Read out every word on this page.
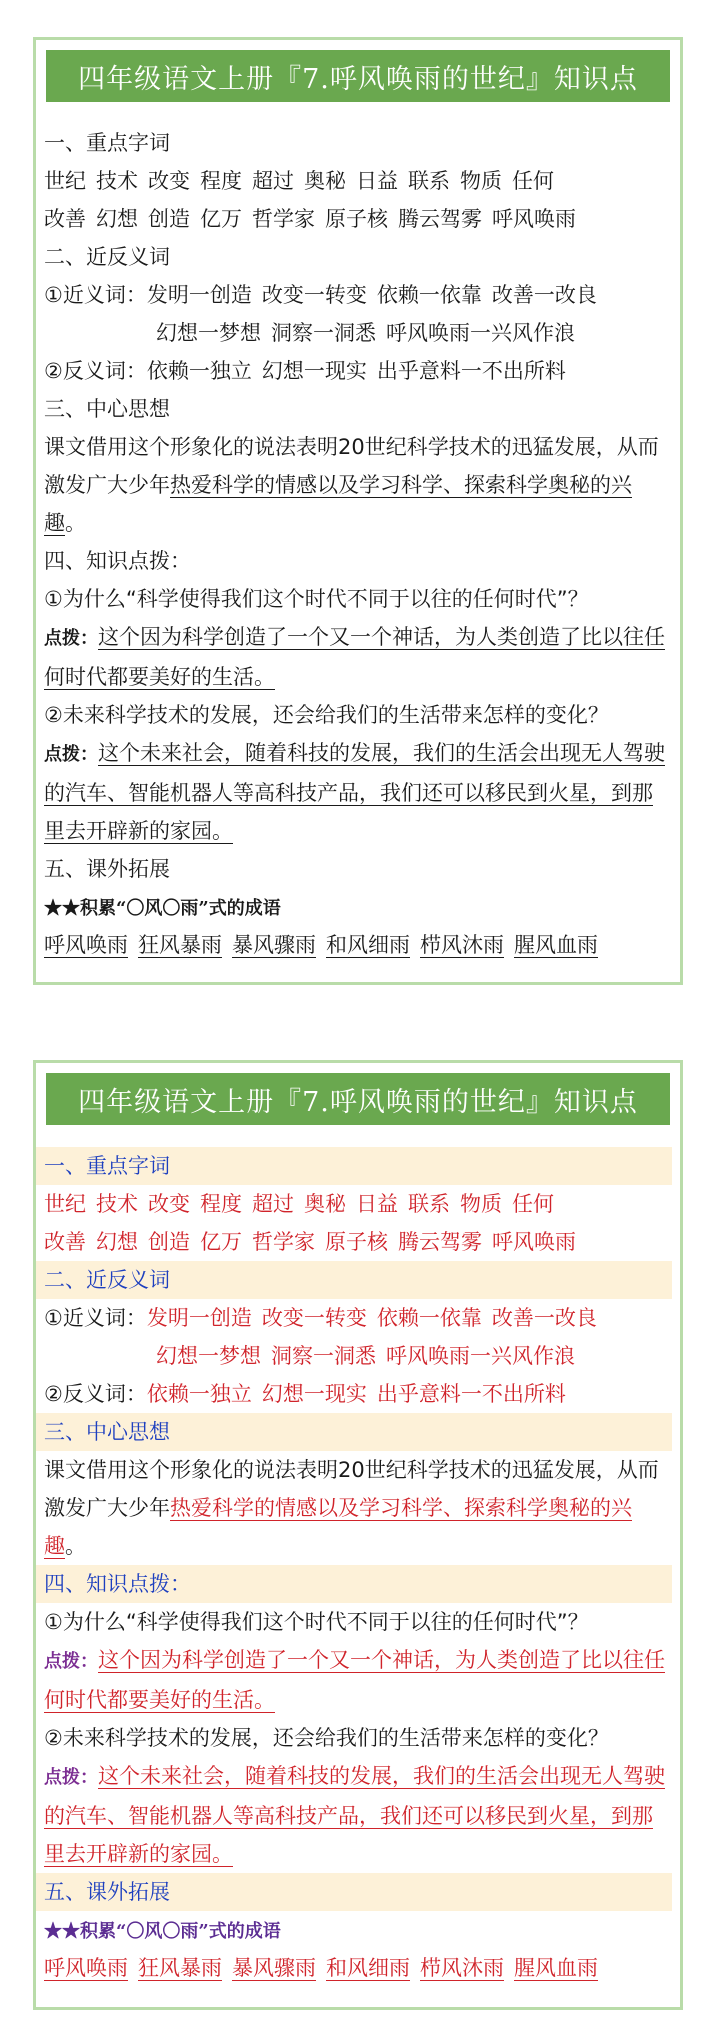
四年级语文上册『7.呼风唤雨的世纪』知识点
一、重点字词
世纪 技术 改变 程度 超过 奥秘 日益 联系 物质 任何
改善 幻想 创造 亿万 哲学家 原子核 腾云驾雾 呼风唤雨
二、近反义词
①近义词：发明一创造 改变一转变 依赖一依靠 改善一改良
幻想一梦想 洞察一洞悉 呼风唤雨一兴风作浪
②反义词：依赖一独立 幻想一现实 出乎意料一不出所料
三、中心思想
课文借用这个形象化的说法表明20世纪科学技术的迅猛发展，从而激发广大少年热爱科学的情感以及学习科学、探索科学奥秘的兴趣。
四、知识点拨：
①为什么“科学使得我们这个时代不同于以往的任何时代”？
点拨：这个因为科学创造了一个又一个神话，为人类创造了比以往任何时代都要美好的生活。
②未来科学技术的发展，还会给我们的生活带来怎样的变化？
点拨：这个未来社会，随着科技的发展，我们的生活会出现无人驾驶的汽车、智能机器人等高科技产品，我们还可以移民到火星，到那里去开辟新的家园。
五、课外拓展
★★积累“〇风〇雨”式的成语
呼风唤雨 狂风暴雨 暴风骤雨 和风细雨 栉风沐雨 腥风血雨
四年级语文上册『7.呼风唤雨的世纪』知识点
一、重点字词
世纪 技术 改变 程度 超过 奥秘 日益 联系 物质 任何
改善 幻想 创造 亿万 哲学家 原子核 腾云驾雾 呼风唤雨
二、近反义词
①近义词：发明一创造 改变一转变 依赖一依靠 改善一改良
幻想一梦想 洞察一洞悉 呼风唤雨一兴风作浪
②反义词：依赖一独立 幻想一现实 出乎意料一不出所料
三、中心思想
课文借用这个形象化的说法表明20世纪科学技术的迅猛发展，从而激发广大少年热爱科学的情感以及学习科学、探索科学奥秘的兴趣。
四、知识点拨：
①为什么“科学使得我们这个时代不同于以往的任何时代”？
点拨：这个因为科学创造了一个又一个神话，为人类创造了比以往任何时代都要美好的生活。
②未来科学技术的发展，还会给我们的生活带来怎样的变化？
点拨：这个未来社会，随着科技的发展，我们的生活会出现无人驾驶的汽车、智能机器人等高科技产品，我们还可以移民到火星，到那里去开辟新的家园。
五、课外拓展
★★积累“〇风〇雨”式的成语
呼风唤雨 狂风暴雨 暴风骤雨 和风细雨 栉风沐雨 腥风血雨
